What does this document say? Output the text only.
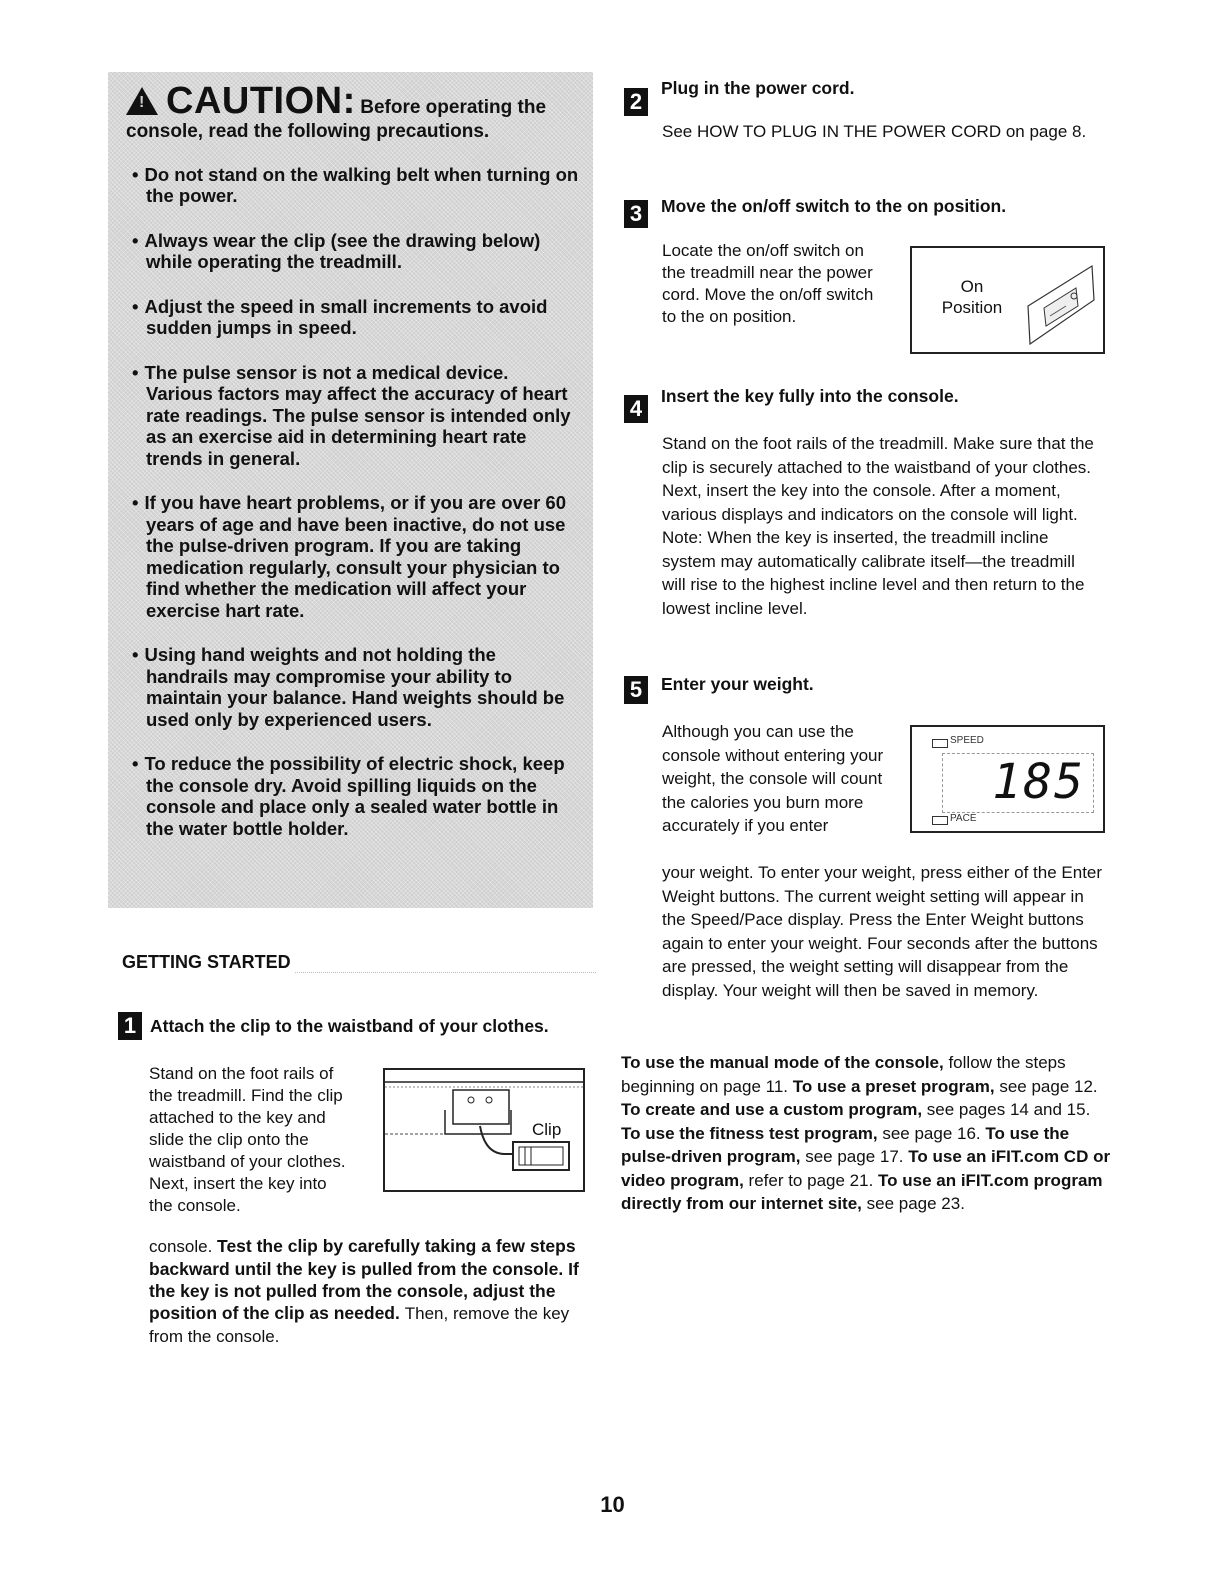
!CAUTION: Before operating the
console, read the following precautions.
• Do not stand on the walking belt when turning on the power.
• Always wear the clip (see the drawing below) while operating the treadmill.
• Adjust the speed in small increments to avoid sudden jumps in speed.
• The pulse sensor is not a medical device. Various factors may affect the accuracy of heart rate readings. The pulse sensor is intended only as an exercise aid in determining heart rate trends in general.
• If you have heart problems, or if you are over 60 years of age and have been inactive, do not use the pulse-driven program. If you are taking medication regularly, consult your physician to find whether the medication will affect your exercise hart rate.
• Using hand weights and not holding the handrails may compromise your ability to maintain your balance. Hand weights should be used only by experienced users.
• To reduce the possibility of electric shock, keep the console dry. Avoid spilling liquids on the console and place only a sealed water bottle in the water bottle holder.
GETTING STARTED
1 Attach the clip to the waistband of your clothes.
Stand on the foot rails of the treadmill. Find the clip attached to the key and slide the clip onto the waistband of your clothes. Next, insert the key into the console.
Clip
console. Test the clip by carefully taking a few steps backward until the key is pulled from the console. If the key is not pulled from the console, adjust the position of the clip as needed. Then, remove the key from the console.
2
Plug in the power cord.
See HOW TO PLUG IN THE POWER CORD on page 8.
3	Move the on/off switch to the on position.
Locate the on/off switch on the treadmill near the power cord. Move the on/off switch to the on position.
On
Position
4	Insert the key fully into the console.
Stand on the foot rails of the treadmill. Make sure that the clip is securely attached to the waistband of your clothes. Next, insert the key into the console. After a moment, various displays and indicators on the console will light. Note: When the key is inserted, the treadmill incline system may automatically calibrate itself—the treadmill will rise to the highest incline level and then return to the lowest incline level.
5	Enter your weight.
Although you can use the console without entering your weight, the console will count the calories you burn more accurately if you enter
SPEED
185
PACE
your weight. To enter your weight, press either of the Enter Weight buttons. The current weight setting will appear in the Speed/Pace display. Press the Enter Weight buttons again to enter your weight. Four seconds after the buttons are pressed, the weight setting will disappear from the display. Your weight will then be saved in memory.
To use the manual mode of the console, follow the steps beginning on page 11. To use a preset program, see page 12. To create and use a custom program, see pages 14 and 15. To use the fitness test program, see page 16. To use the pulse-driven program, see page 17. To use an iFIT.com CD or video program, refer to page 21. To use an iFIT.com program directly from our internet site, see page 23.
10
